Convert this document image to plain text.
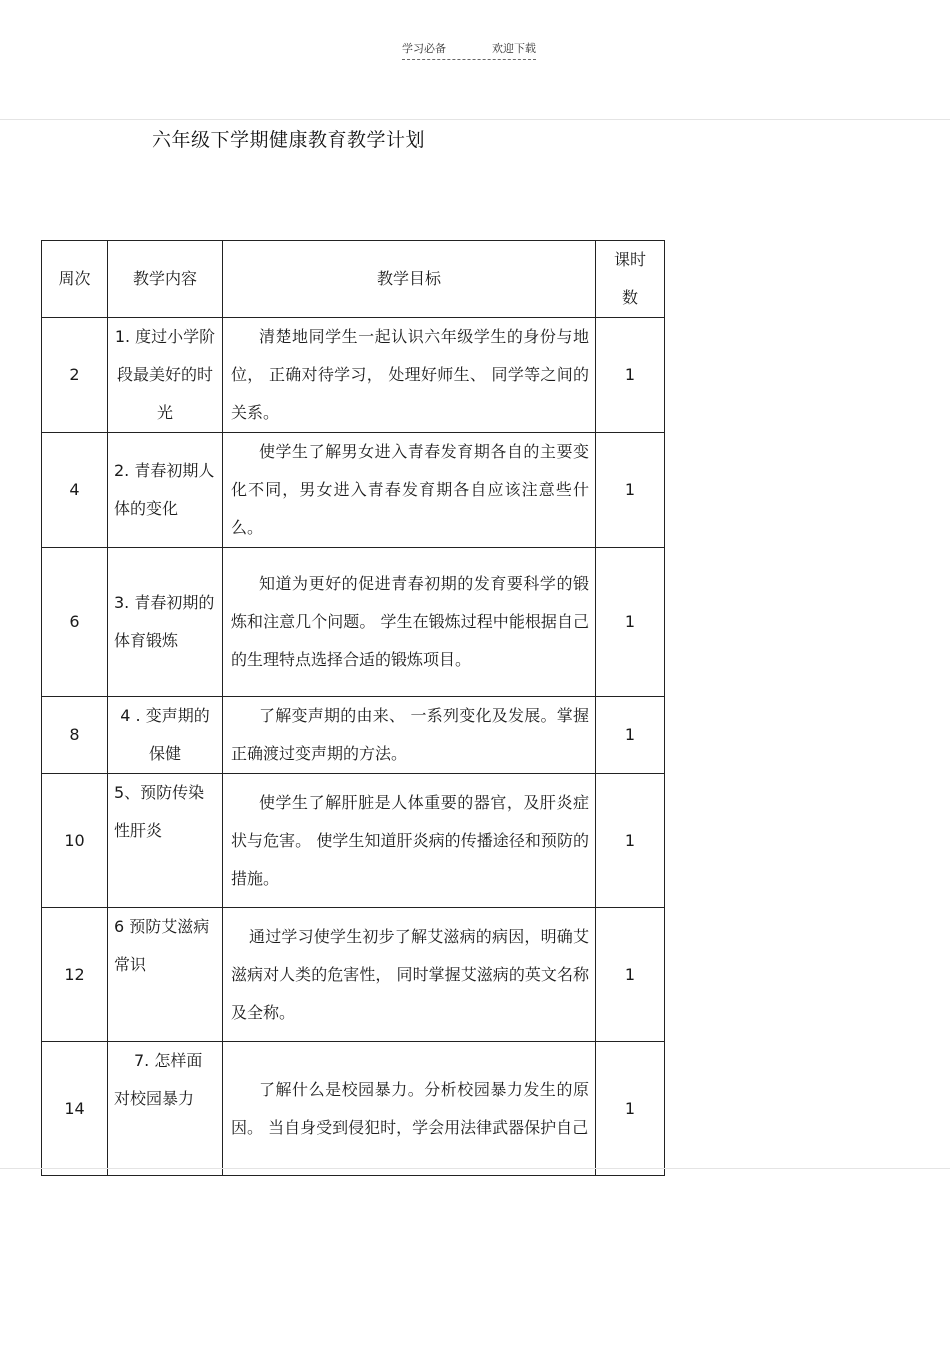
学习必备	欢迎下载
六年级下学期健康教育教学计划
周次	教学内容	教学目标	课时
数

2	1. 度过小学阶段最美好的时光	清楚地同学生一起认识六年级学生的身份与地位， 正确对待学习， 处理好师生、 同学等之间的关系。	1
4	2. 青春初期人体的变化	使学生了解男女进入青春发育期各自的主要变化不同，男女进入青春发育期各自应该注意些什么。	1
6	3. 青春初期的体育锻炼	知道为更好的促进青春初期的发育要科学的锻炼和注意几个问题。 学生在锻炼过程中能根据自己的生理特点选择合适的锻炼项目。	1
8	4 . 变声期的保健	了解变声期的由来、 一系列变化及发展。掌握正确渡过变声期的方法。	1
10	5、预防传染性肝炎	使学生了解肝脏是人体重要的器官，及肝炎症状与危害。 使学生知道肝炎病的传播途径和预防的措施。	1
12	6 预防艾滋病常识	通过学习使学生初步了解艾滋病的病因，明确艾滋病对人类的危害性， 同时掌握艾滋病的英文名称及全称。	1
14	7. 怎样面对校园暴力	了解什么是校园暴力。分析校园暴力发生的原因。 当自身受到侵犯时，学会用法律武器保护自己	1
